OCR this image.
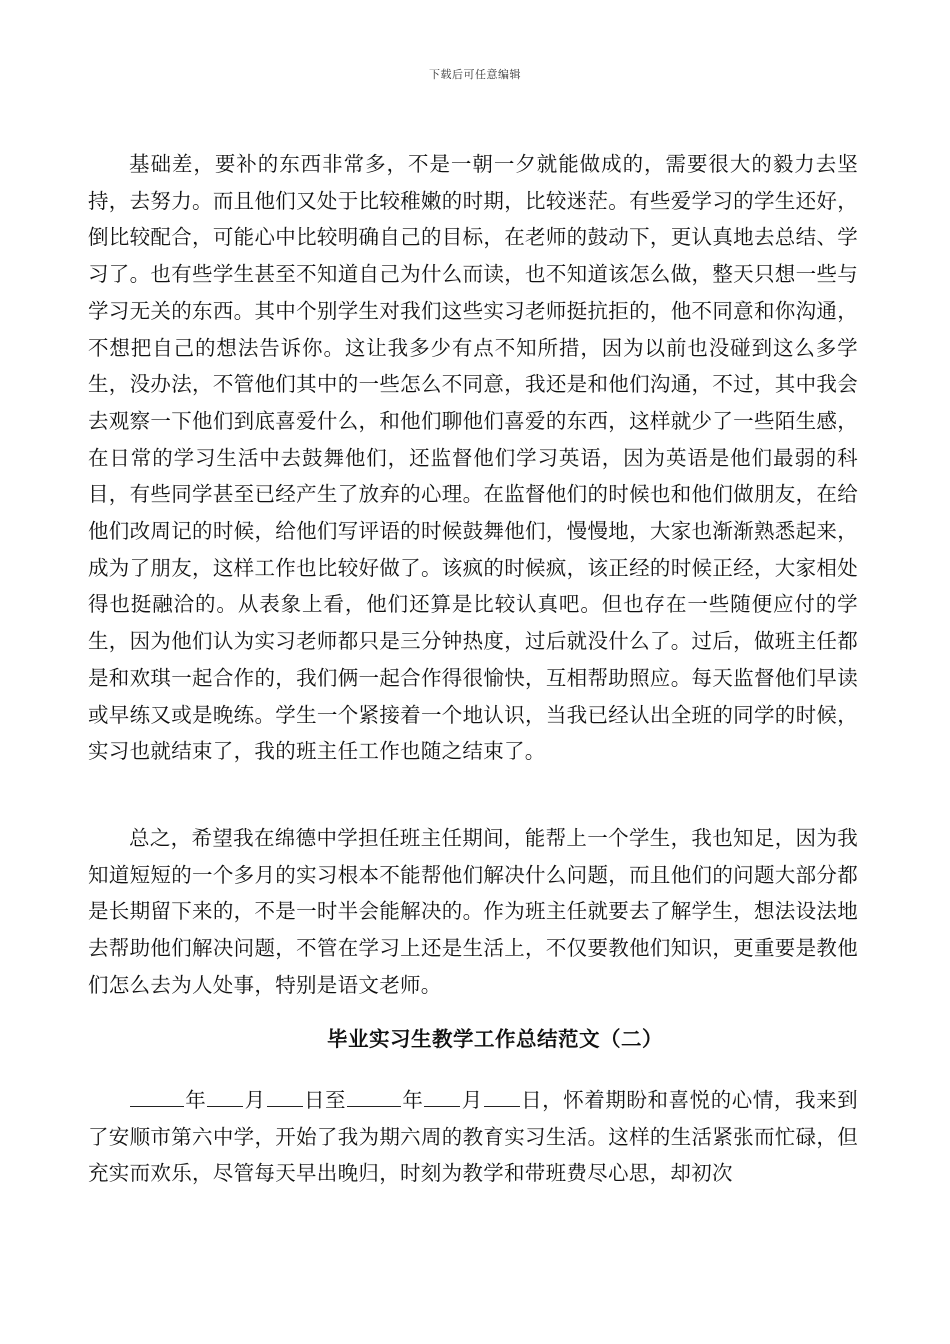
下载后可任意编辑

基础差，要补的东西非常多，不是一朝一夕就能做成的，需要很大的毅力去坚持，去努力。而且他们又处于比较稚嫩的时期，比较迷茫。有些爱学习的学生还好，倒比较配合，可能心中比较明确自己的目标，在老师的鼓动下，更认真地去总结、学习了。也有些学生甚至不知道自己为什么而读，也不知道该怎么做，整天只想一些与学习无关的东西。其中个别学生对我们这些实习老师挺抗拒的，他不同意和你沟通，不想把自己的想法告诉你。这让我多少有点不知所措，因为以前也没碰到这么多学生，没办法，不管他们其中的一些怎么不同意，我还是和他们沟通，不过，其中我会去观察一下他们到底喜爱什么，和他们聊他们喜爱的东西，这样就少了一些陌生感，在日常的学习生活中去鼓舞他们，还监督他们学习英语，因为英语是他们最弱的科目，有些同学甚至已经产生了放弃的心理。在监督他们的时候也和他们做朋友，在给他们改周记的时候，给他们写评语的时候鼓舞他们，慢慢地，大家也渐渐熟悉起来，成为了朋友，这样工作也比较好做了。该疯的时候疯，该正经的时候正经，大家相处得也挺融洽的。从表象上看，他们还算是比较认真吧。但也存在一些随便应付的学生，因为他们认为实习老师都只是三分钟热度，过后就没什么了。过后，做班主任都是和欢琪一起合作的，我们俩一起合作得很愉快，互相帮助照应。每天监督他们早读或早练又或是晚练。学生一个紧接着一个地认识，当我已经认出全班的同学的时候，实习也就结束了，我的班主任工作也随之结束了。

总之，希望我在绵德中学担任班主任期间，能帮上一个学生，我也知足，因为我知道短短的一个多月的实习根本不能帮他们解决什么问题，而且他们的问题大部分都是长期留下来的，不是一时半会能解决的。作为班主任就要去了解学生，想法设法地去帮助他们解决问题，不管在学习上还是生活上，不仅要教他们知识，更重要是教他们怎么去为人处事，特别是语文老师。

毕业实习生教学工作总结范文（二）

年 月 日至	年 月 日，怀着期盼和喜悦的心情，我来到了安顺市第六中学，开始了我为期六周的教育实习生活。这样的生活紧张而忙碌，但充实而欢乐，尽管每天早出晚归，时刻为教学和带班费尽心思，却初次
